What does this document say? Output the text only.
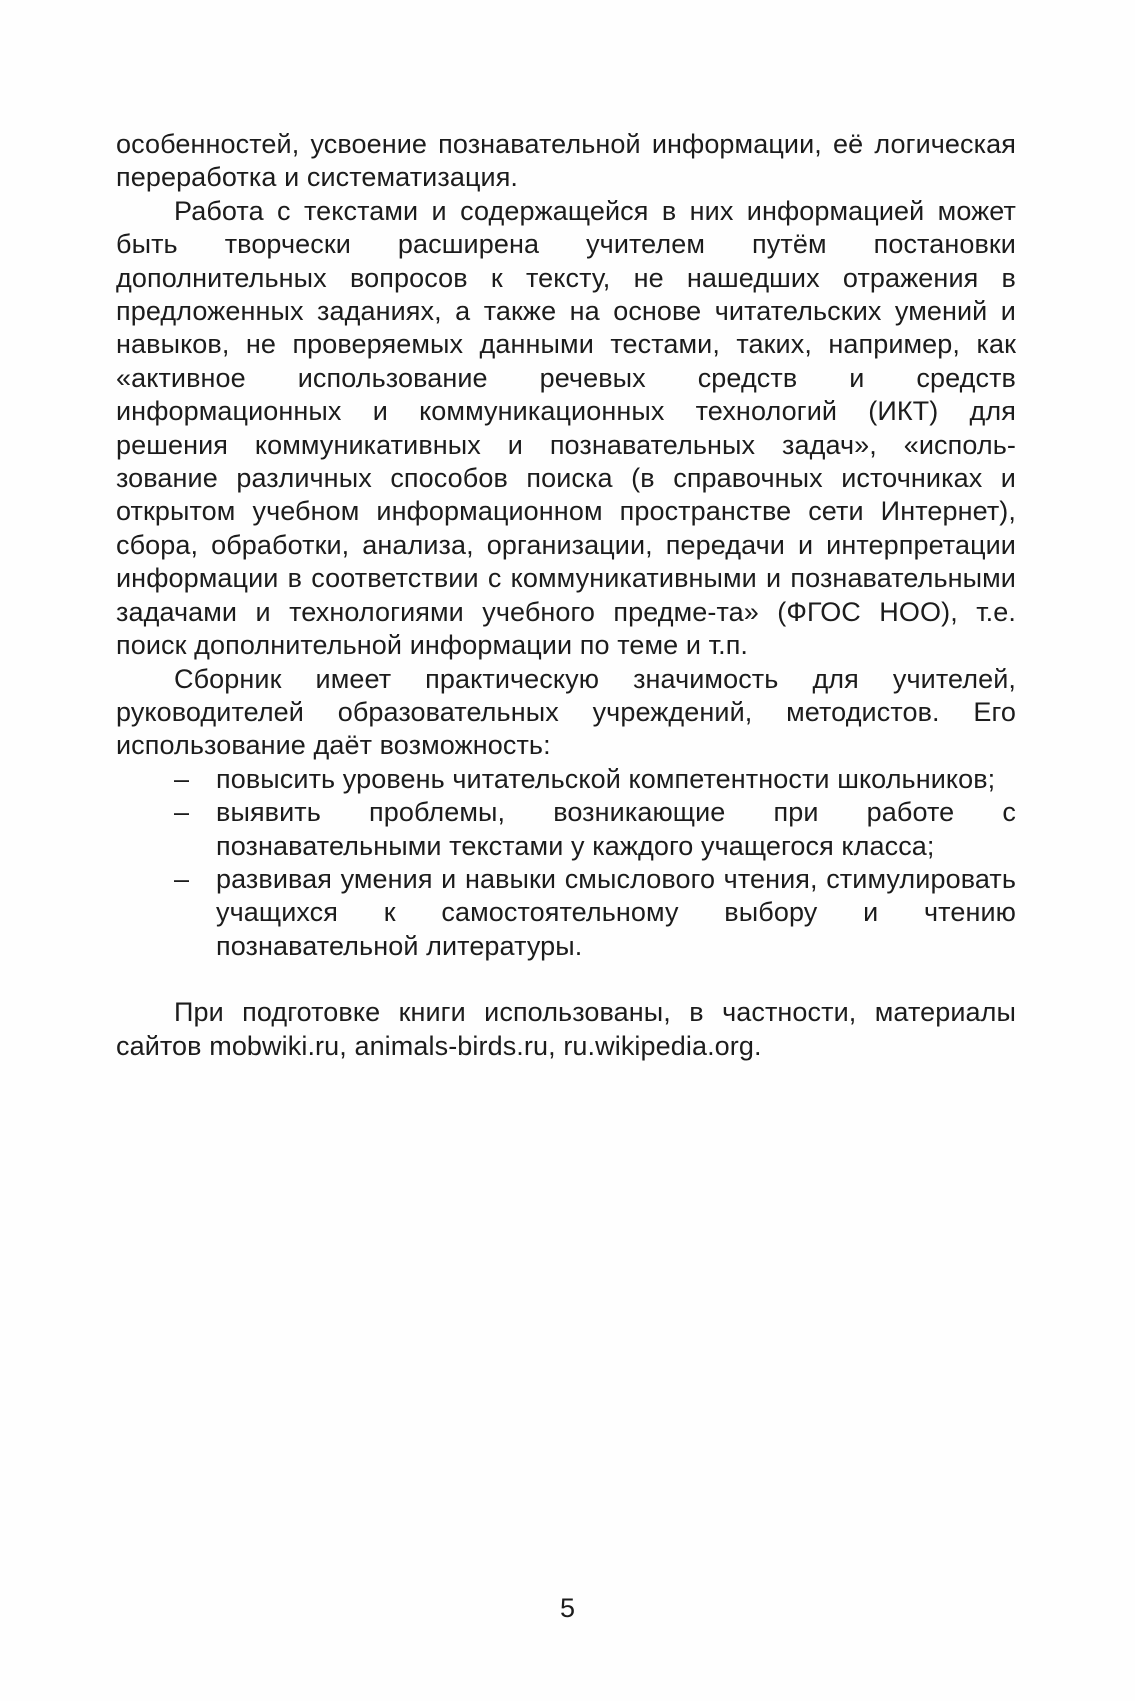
особенностей, усвоение познавательной информации, её логическая переработка и систематизация.

Работа с текстами и содержащейся в них информацией может быть творчески расширена учителем путём постановки дополнительных вопросов к тексту, не нашедших отражения в предложенных заданиях, а также на основе читательских умений и навыков, не проверяемых данными тестами, таких, например, как «активное использование речевых средств и средств информационных и коммуникационных технологий (ИКТ) для решения коммуникативных и познавательных задач», «исполь-зование различных способов поиска (в справочных источниках и открытом учебном информационном пространстве сети Интернет), сбора, обработки, анализа, организации, передачи и интерпретации информации в соответствии с коммуникативными и познавательными задачами и технологиями учебного предме-та» (ФГОС НОО), т.е. поиск дополнительной информации по теме и т.п.

Сборник имеет практическую значимость для учителей, руководителей образовательных учреждений, методистов. Его использование даёт возможность:

– повысить уровень читательской компетентности школьников;
– выявить проблемы, возникающие при работе с познавательными текстами у каждого учащегося класса;
– развивая умения и навыки смыслового чтения, стимулировать учащихся к самостоятельному выбору и чтению познавательной литературы.

При подготовке книги использованы, в частности, материалы сайтов mobwiki.ru, animals-birds.ru, ru.wikipedia.org.

5
